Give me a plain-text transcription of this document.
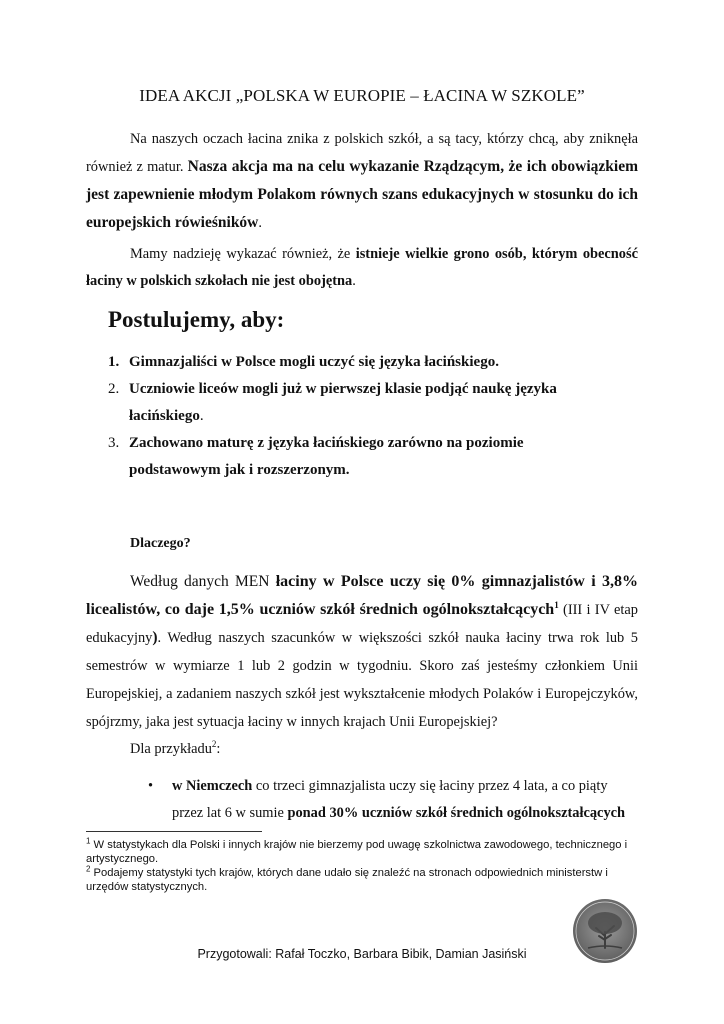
IDEA AKCJI „POLSKA W EUROPIE – ŁACINA W SZKOLE”
Na naszych oczach łacina znika z polskich szkół, a są tacy, którzy chcą, aby zniknęła również z matur. Nasza akcja ma na celu wykazanie Rządzącym, że ich obowiązkiem jest zapewnienie młodym Polakom równych szans edukacyjnych w stosunku do ich europejskich rówieśników.
Mamy nadzieję wykazać również, że istnieje wielkie grono osób, którym obecność łaciny w polskich szkołach nie jest obojętna.
Postulujemy, aby:
1. Gimnazjaliści w Polsce mogli uczyć się języka łacińskiego.
2. Uczniowie liceów mogli już w pierwszej klasie podjąć naukę języka łacińskiego.
3. Zachowano maturę z języka łacińskiego zarówno na poziomie podstawowym jak i rozszerzonym.
Dlaczego?
Według danych MEN łaciny w Polsce uczy się 0% gimnazjalistów i 3,8% licealistów, co daje 1,5% uczniów szkół średnich ogólnokształcących$^1$ (III i IV etap edukacyjny). Według naszych szacunków w większości szkół nauka łaciny trwa rok lub 5 semestrów w wymiarze 1 lub 2 godzin w tygodniu. Skoro zaś jesteśmy członkiem Unii Europejskiej, a zadaniem naszych szkół jest wykształcenie młodych Polaków i Europejczyków, spójrzmy, jaka jest sytuacja łaciny w innych krajach Unii Europejskiej?
Dla przykładu$^2$:
•	w Niemczech co trzeci gimnazjalista uczy się łaciny przez 4 lata, a co piąty przez lat 6 w sumie ponad 30% uczniów szkół średnich ogólnokształcących

$^1$ W statystykach dla Polski i innych krajów nie bierzemy pod uwagę szkolnictwa zawodowego, technicznego i artystycznego.

$^2$ Podajemy statystyki tych krajów, których dane udało się znaleźć na stronach odpowiednich ministerstw i urzędów statystycznych.

Przygotowali: Rafał Toczko, Barbara Bibik, Damian Jasiński
